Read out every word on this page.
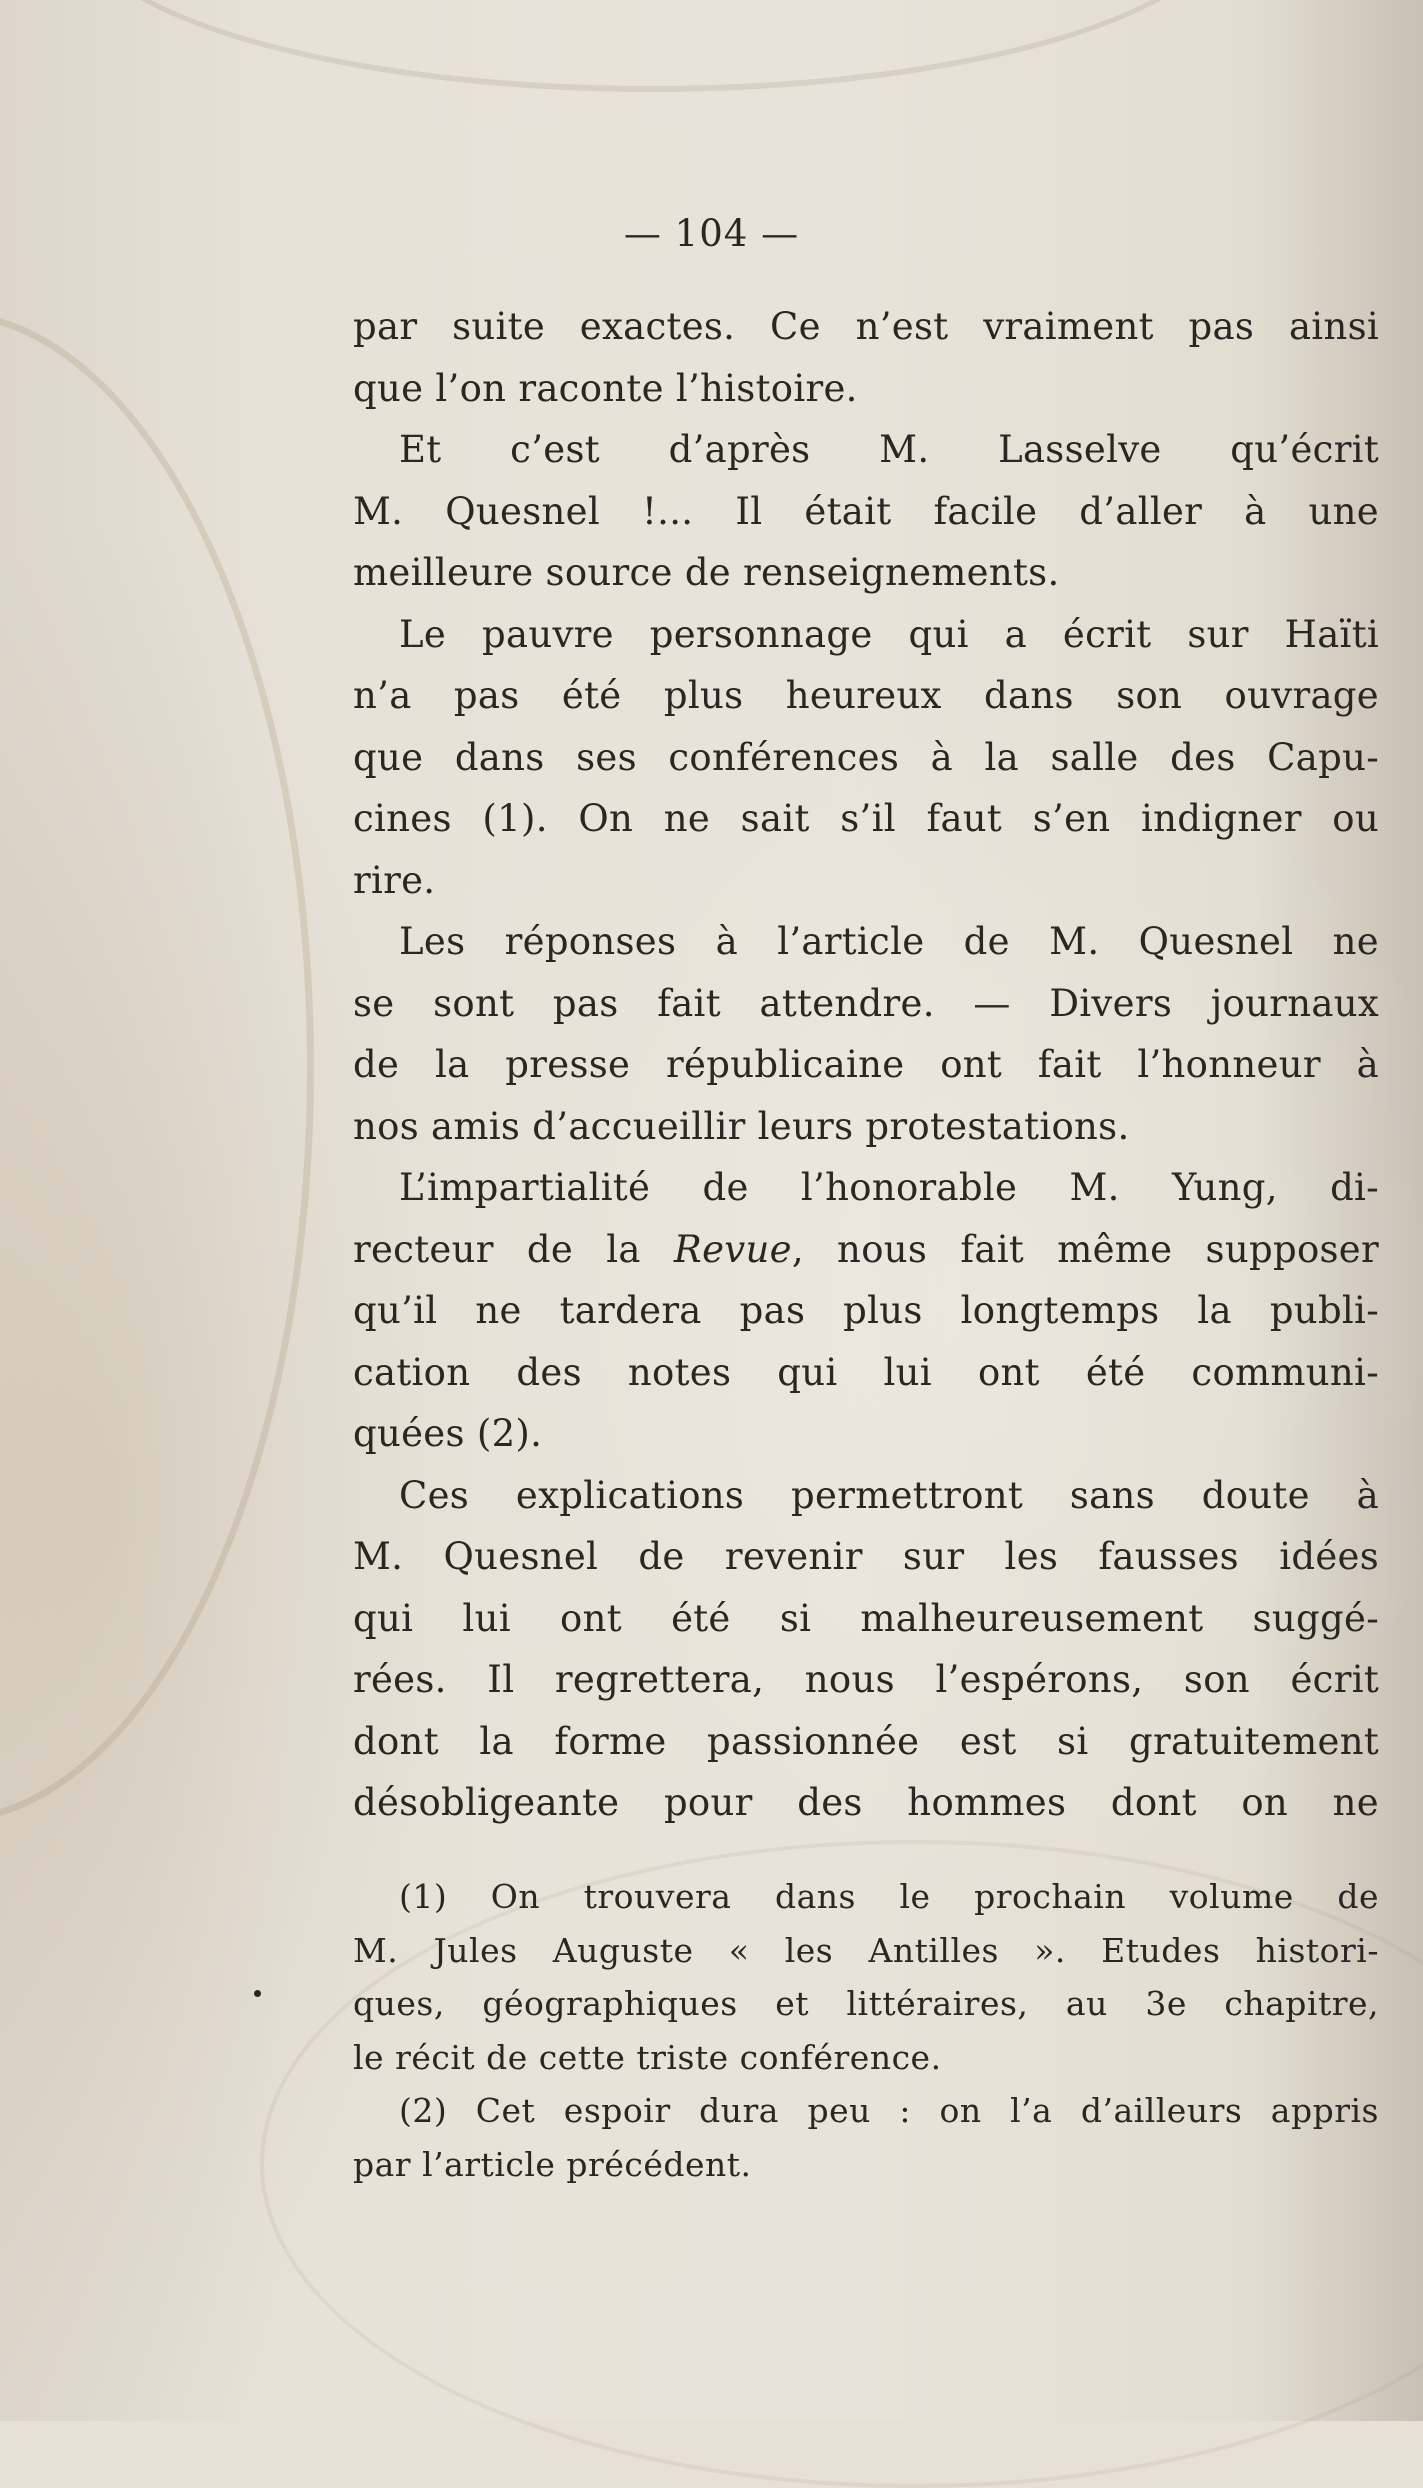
— 104 —
par suite exactes. Ce n’est vraiment pas ainsi
que l’on raconte l’histoire.
Et c’est d’après M. Lasselve qu’écrit
M. Quesnel !... Il était facile d’aller à une
meilleure source de renseignements.
Le pauvre personnage qui a écrit sur Haïti
n’a pas été plus heureux dans son ouvrage
que dans ses conférences à la salle des Capu-
cines (1). On ne sait s’il faut s’en indigner ou
rire.
Les réponses à l’article de M. Quesnel ne
se sont pas fait attendre. — Divers journaux
de la presse républicaine ont fait l’honneur à
nos amis d’accueillir leurs protestations.
L’impartialité de l’honorable M. Yung, di-
recteur de la Revue, nous fait même supposer
qu’il ne tardera pas plus longtemps la publi-
cation des notes qui lui ont été communi-
quées (2).
Ces explications permettront sans doute à
M. Quesnel de revenir sur les fausses idées
qui lui ont été si malheureusement suggé-
rées. Il regrettera, nous l’espérons, son écrit
dont la forme passionnée est si gratuitement
désobligeante pour des hommes dont on ne
(1) On trouvera dans le prochain volume de
M. Jules Auguste « les Antilles ». Etudes histori-
ques, géographiques et littéraires, au 3e chapitre,
le récit de cette triste conférence.
(2) Cet espoir dura peu : on l’a d’ailleurs appris
par l’article précédent.
